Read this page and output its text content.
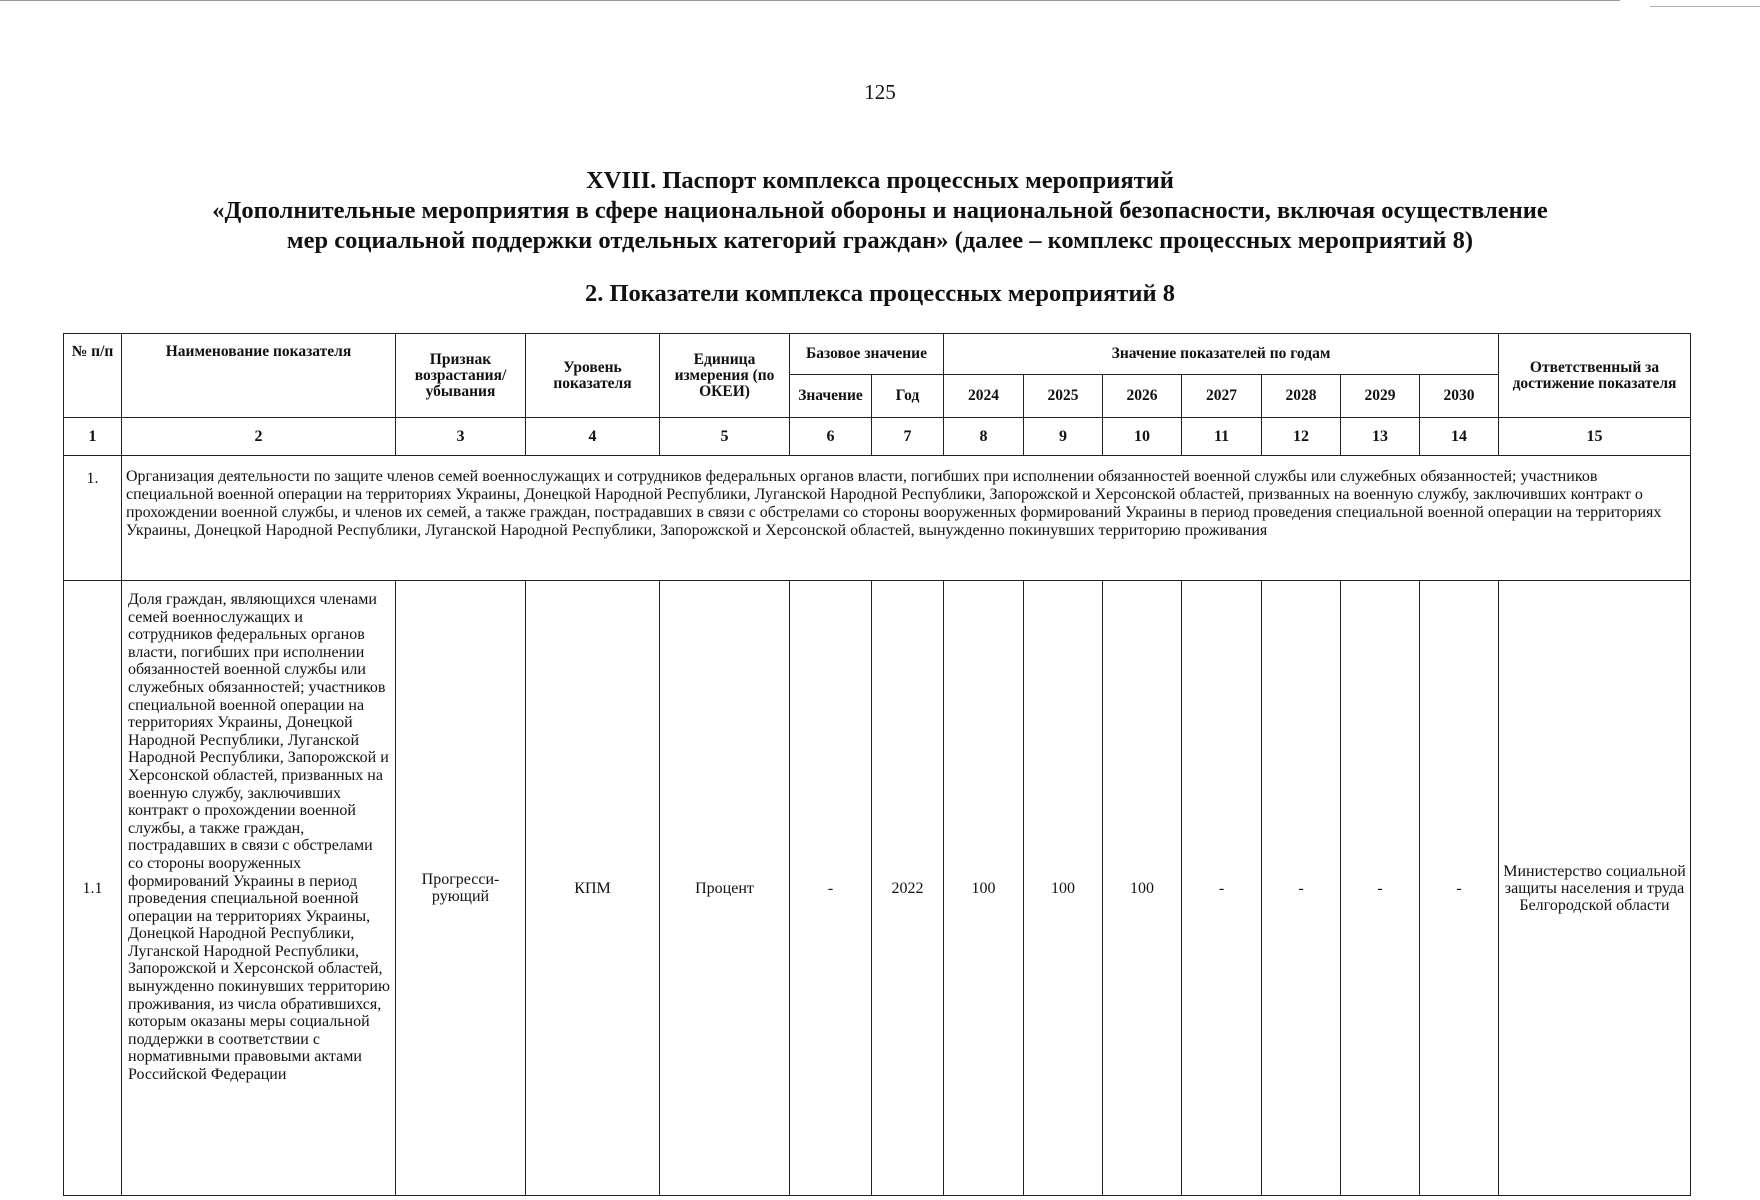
125
XVIII. Паспорт комплекса процессных мероприятий
«Дополнительные мероприятия в сфере национальной обороны и национальной безопасности, включая осуществление
мер социальной поддержки отдельных категорий граждан» (далее – комплекс процессных мероприятий 8)
2. Показатели комплекса процессных мероприятий 8
№ п/п	Наименование показателя	Признак возрастания/ убывания	Уровень показателя	Единица измерения (по ОКЕИ)	Базовое значение		Значение показателей по годам							Ответственный за достижение показателя
					Значение	Год	2024	2025	2026	2027	2028	2029	2030	
1	2	3	4	5	6	7	8	9	10	11	12	13	14	15
1.	Организация деятельности по защите членов семей военнослужащих и сотрудников федеральных органов власти, погибших при исполнении обязанностей военной службы или служебных обязанностей; участников специальной военной операции на территориях Украины, Донецкой Народной Республики, Луганской Народной Республики, Запорожской и Херсонской областей, призванных на военную службу, заключивших контракт о прохождении военной службы, и членов их семей, а также граждан, пострадавших в связи с обстрелами со стороны вооруженных формирований Украины в период проведения специальной военной операции на территориях Украины, Донецкой Народной Республики, Луганской Народной Республики, Запорожской и Херсонской областей, вынужденно покинувших территорию проживания													
1.1	Доля граждан, являющихся членами семей военнослужащих и сотрудников федеральных органов власти, погибших при исполнении обязанностей военной службы или служебных обязанностей; участников специальной военной операции на территориях Украины, Донецкой Народной Республики, Луганской Народной Республики, Запорожской и Херсонской областей, призванных на военную службу, заключивших контракт о прохождении военной службы, а также граждан, пострадавших в связи с обстрелами со стороны вооруженных формирований Украины в период проведения специальной военной операции на территориях Украины, Донецкой Народной Республики, Луганской Народной Республики, Запорожской и Херсонской областей, вынужденно покинувших территорию проживания, из числа обратившихся, которым оказаны меры социальной поддержки в соответствии с нормативными правовыми актами Российской Федерации	Прогресси-рующий	КПМ	Процент	-	2022	100	100	100	-	-	-	-	Министерство социальной защиты населения и труда Белгородской области
